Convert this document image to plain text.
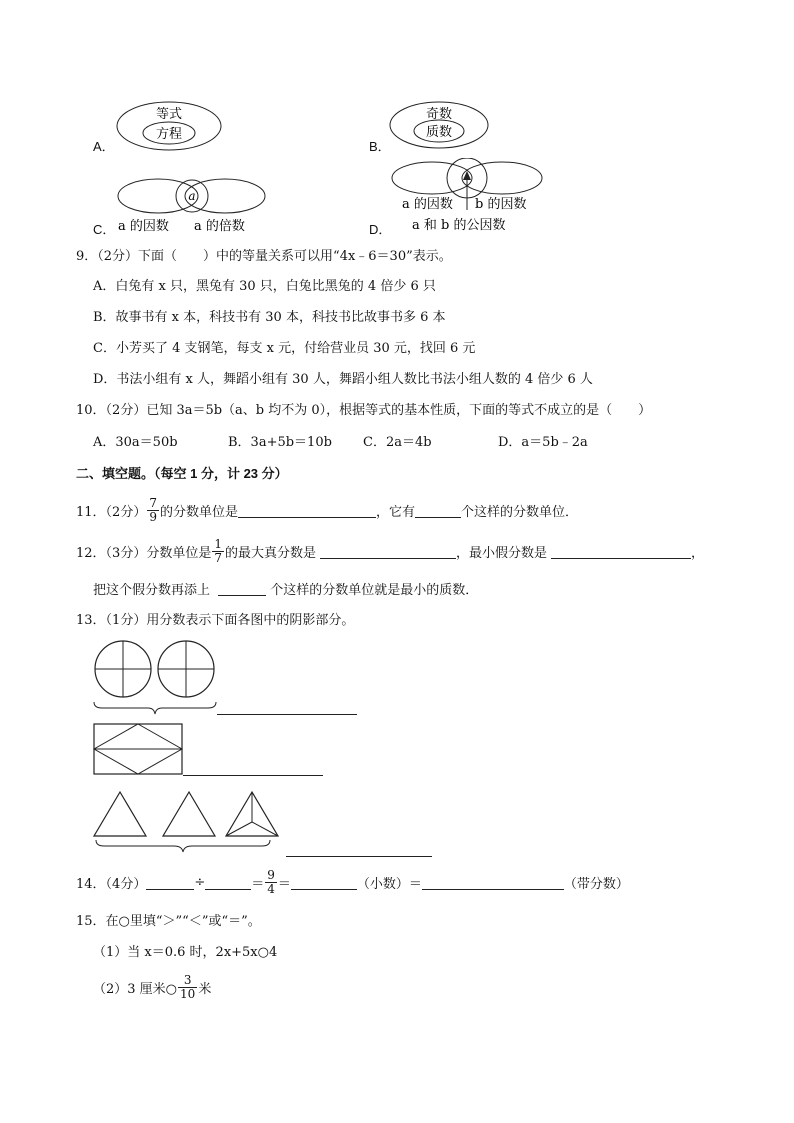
A．
等式
方程
B．
奇数
质数
C．
a
a 的因数 a 的倍数	D．
a 的因数 b 的因数
a 和 b 的公因数
9．（2分）下面（　　）中的等量关系可以用“4x﹣6＝30”表示。
A．白兔有 x 只，黑兔有 30 只，白兔比黑兔的 4 倍少 6 只
B．故事书有 x 本，科技书有 30 本，科技书比故事书多 6 本
C．小芳买了 4 支钢笔，每支 x 元，付给营业员 30 元，找回 6 元
D．书法小组有 x 人，舞蹈小组有 30 人，舞蹈小组人数比书法小组人数的 4 倍少 6 人
10．（2分）已知 3a＝5b（a、b 均不为 0），根据等式的基本性质，下面的等式不成立的是（　　）
A．30a＝50b	B．3a+5b＝10b C．2a＝4b	D．a＝5b﹣2a
二、填空题。（每空 1 分，计 23 分）
11．（2分） $\frac{7}{9}$ 的分数单位是	，它有	个这样的分数单位．
12．（3分）分数单位是 $\frac{1}{7}$ 的最大真分数是	，最小假分数是	，
把这个假分数再添上	个这样的分数单位就是最小的质数．
13．（1分）用分数表示下面各图中的阴影部分。
14．（4分）	÷	＝ $\frac{9}{4}$ ＝	（小数）＝	（带分数）
15．在○里填“＞”“＜”或“＝”。
（1）当 x＝0.6 时，2x+5x○4
（2）3 厘米○ $\frac{3}{10}$ 米
